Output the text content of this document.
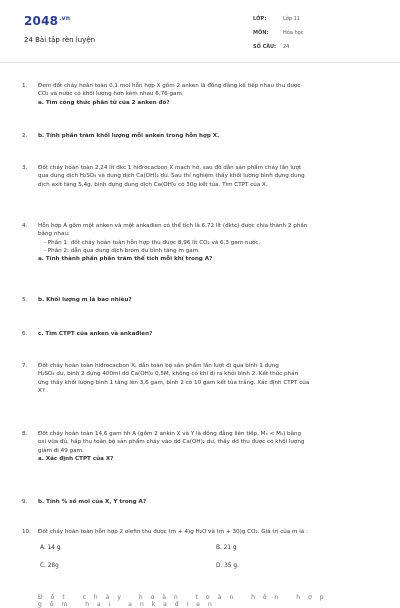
$2048^{.vn}$
24 Bài tập rèn luyện
LỚP:	Lớp 11
MÔN:	Hóa học
SỐ CÂU: 24
1.	Đem đốt cháy hoàn toàn 0,1 mol hỗn hợp X gồm 2 anken là đồng đẳng kế tiếp nhau thu được
CO₂ và nước có khối lượng hơn kém nhau 6,76 gam.
a. Tìm công thức phân tử của 2 anken đó?
2.	b. Tính phần trăm khối lượng mỗi anken trong hỗn hợp X.
3.	Đốt cháy hoàn toàn 2,24 lít đkc 1 hiđrocacbon X mạch hở, sau đó dẫn sản phẩm cháy lần lượt
qua dung dịch H₂SO₄ và dung dịch Ca(OH)₂ dư. Sau thí nghiệm thấy khối lượng bình đựng dung
dịch axit tăng 5,4g, bình đựng dung dịch Ca(OH)₂ có 30g kết tủa. Tìm CTPT của X.
4.	Hỗn hợp A gồm một anken và một ankađien có thể tích là 6,72 lít (đktc) được chia thành 2 phần
bằng nhau:
- Phần 1: đốt cháy hoàn toàn hỗn hợp thu được 8,96 lít CO₂ và 6,3 gam nước.
- Phần 2: dẫn qua dung dịch brom dư bình tăng m gam.
a. Tính thành phần phần trăm thể tích mỗi khí trong A?
5.	b. Khối lượng m là bao nhiêu?
6.	c. Tìm CTPT của anken và ankađien?
7.	Đốt cháy hoàn toàn hiđrocacbon X, dẫn toàn bộ sản phẩm lần lượt đi qua bình 1 đựng
H₂SO₄ dư, bình 2 đựng 400ml dd Ca(OH)₂ 0,5M, không có khí đi ra khỏi bình 2. Kết thúc phản
ứng thấy khối lượng bình 1 tăng lên 3,6 gam, bình 2 có 10 gam kết tủa trắng. Xác định CTPT của
X?
8.	Đốt cháy hoàn toàn 14,6 gam hh A (gồm 2 ankin X và Y là đồng đẳng liên tiếp, Mₓ < Mᵧ) bằng
oxi vừa đủ, hấp thụ toàn bộ sản phẩm cháy vào dd Ca(OH)₂ dư, thấy dd thu được có khối lượng
giảm đi 49 gam.
a. Xác định CTPT của X?
9.	b. Tính % số mol của X, Y trong A?
10.	Đốt cháy hoàn toàn hỗn hợp 2 olefin thu được (m + 4)g H₂O và (m + 30)g CO₂. Giá trị của m là :
A. 14 g	B. 21 g
C. 28g	D. 35 g.
Đốt cháy hoàn toàn hỗn hợp gồm hai ankađien
